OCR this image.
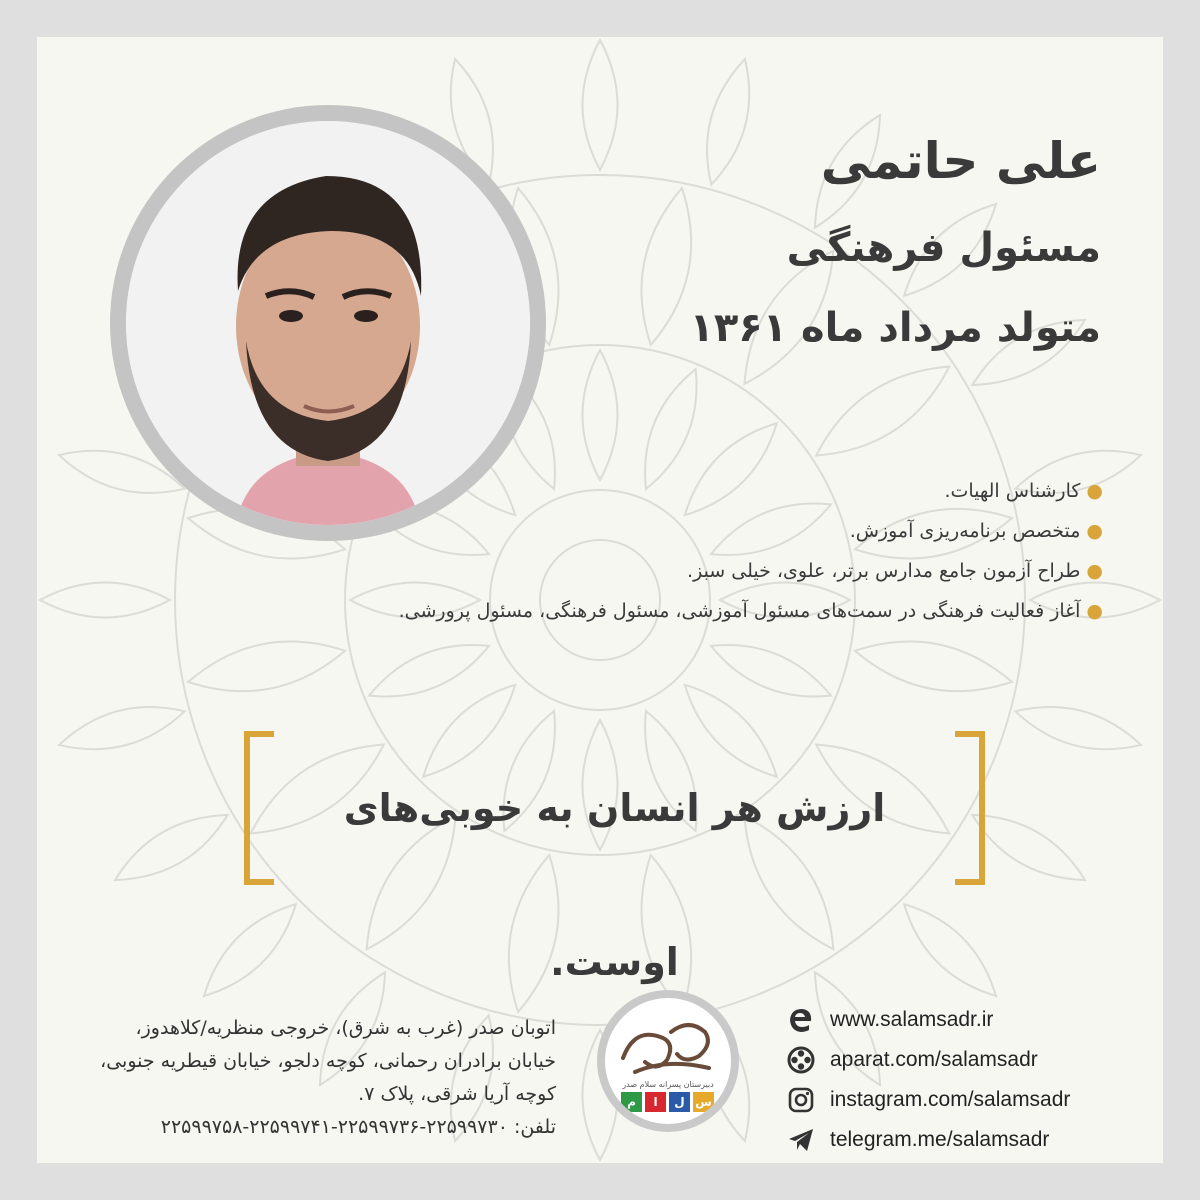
علی حاتمی
مسئول فرهنگی
متولد مرداد ماه ۱۳۶۱
●کارشناس الهیات.
●متخصص برنامه‌ریزی آموزش.
●طراح آزمون جامع مدارس برتر، علوی، خیلی سبز.
●آغاز فعالیت فرهنگی در سمت‌های مسئول آموزشی، مسئول فرهنگی، مسئول پرورشی.
ارزش هر انسان به خوبی‌های اوست.
اتوبان صدر (غرب به شرق)، خروجی منظریه/کلاهدوز،
خیابان برادران رحمانی، کوچه دلجو، خیابان قیطریه جنوبی،
کوچه آریا شرقی، پلاک ۷.
تلفن: ۲۲۵۹۹۷۳۰-۲۲۵۹۹۷۳۶-۲۲۵۹۹۷۴۱-۲۲۵۹۹۷۵۸
دبیرستان پسرانه سلام صدر
م	ا	ل س
www.salamsadr.ir
aparat.com/salamsadr
instagram.com/salamsadr
telegram.me/salamsadr
